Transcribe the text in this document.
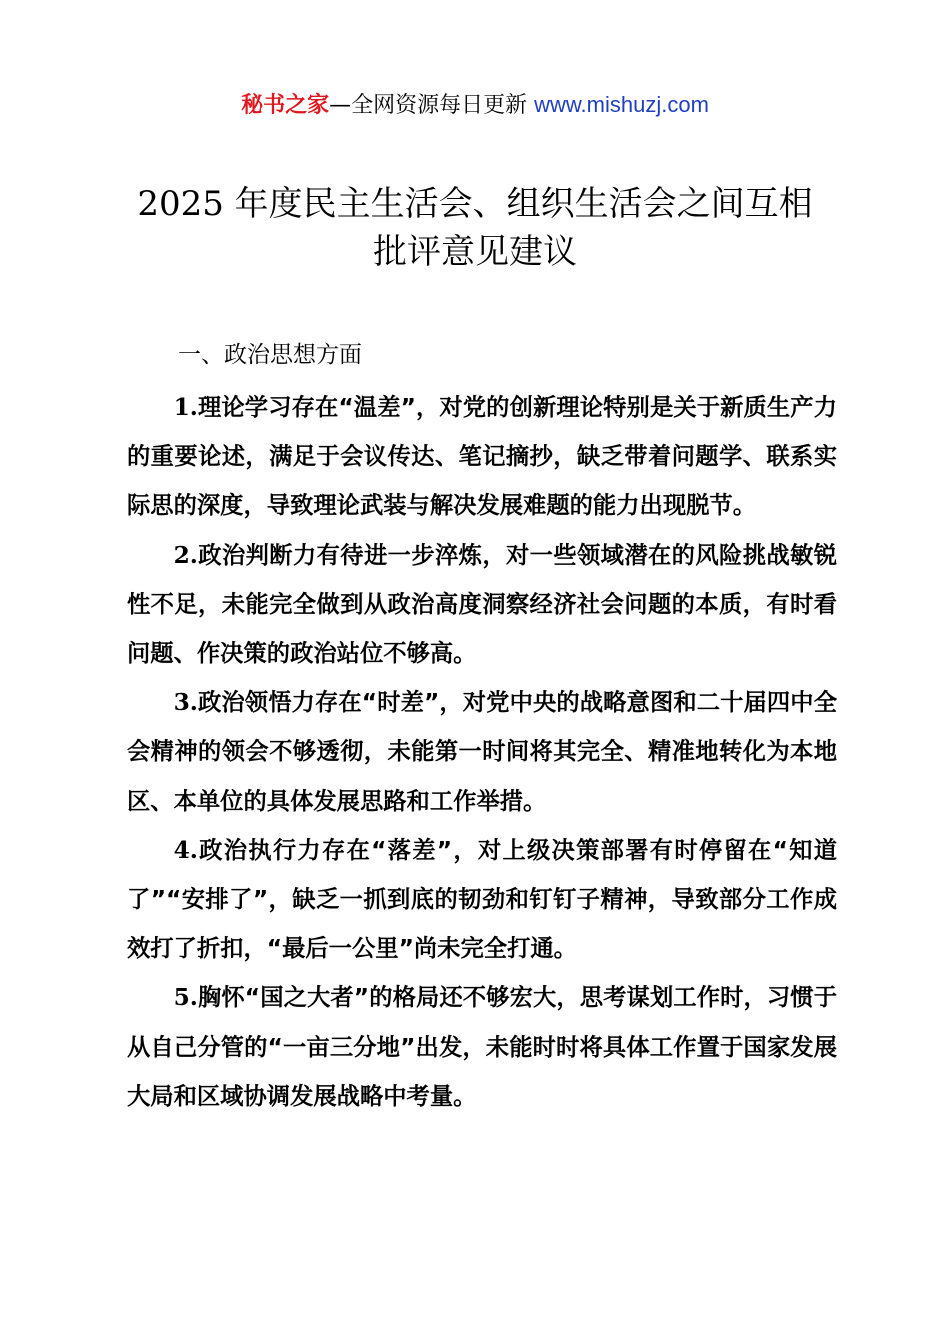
秘书之家—全网资源每日更新 www.mishuzj.com
2025 年度民主生活会、组织生活会之间互相
批评意见建议
一、政治思想方面

1.理论学习存在“温差”，对党的创新理论特别是关于新质生产力的重要论述，满足于会议传达、笔记摘抄，缺乏带着问题学、联系实际思的深度，导致理论武装与解决发展难题的能力出现脱节。

2.政治判断力有待进一步淬炼，对一些领域潜在的风险挑战敏锐性不足，未能完全做到从政治高度洞察经济社会问题的本质，有时看问题、作决策的政治站位不够高。

3.政治领悟力存在“时差”，对党中央的战略意图和二十届四中全会精神的领会不够透彻，未能第一时间将其完全、精准地转化为本地区、本单位的具体发展思路和工作举措。

4.政治执行力存在“落差”，对上级决策部署有时停留在“知道了”“安排了”，缺乏一抓到底的韧劲和钉钉子精神，导致部分工作成效打了折扣，“最后一公里”尚未完全打通。

5.胸怀“国之大者”的格局还不够宏大，思考谋划工作时，习惯于从自己分管的“一亩三分地”出发，未能时时将具体工作置于国家发展大局和区域协调发展战略中考量。
